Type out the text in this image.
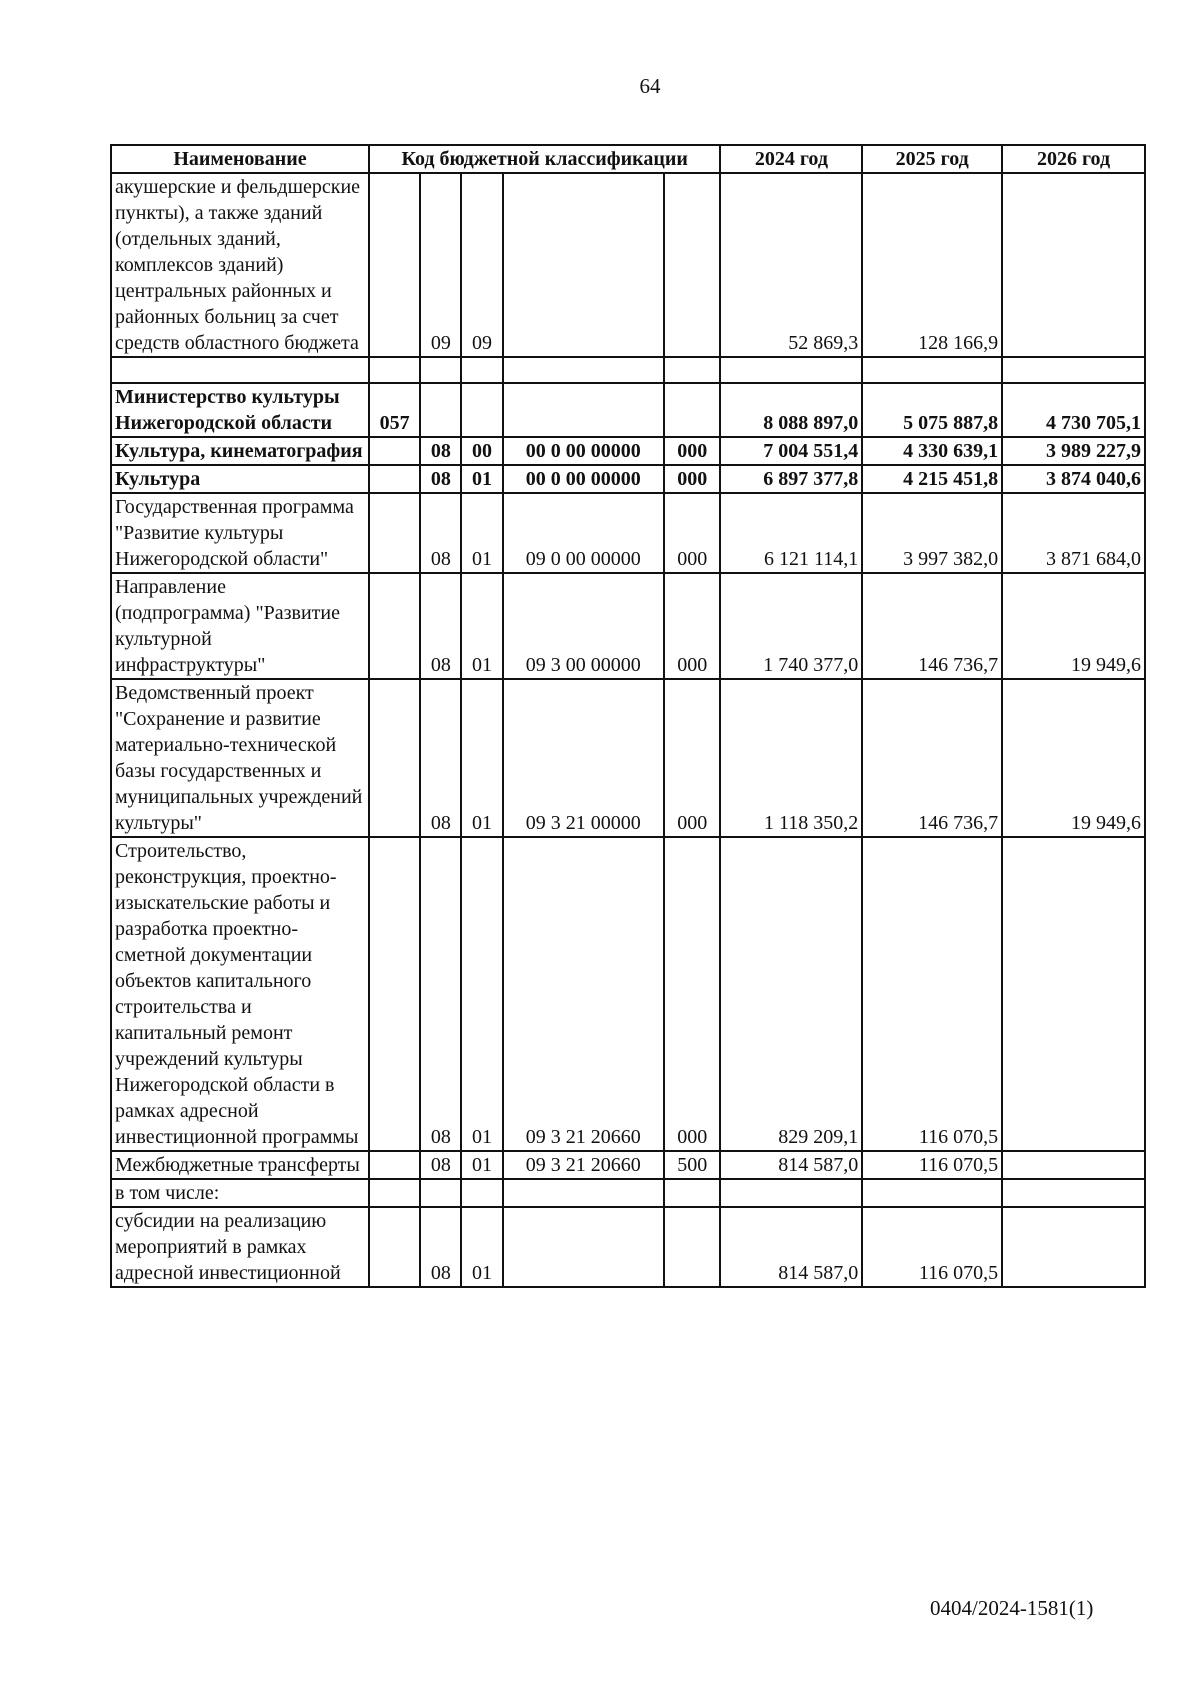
64
Наименование	Код бюджетной классификации					2024 год	2025 год	2026 год
акушерские и фельдшерские пункты), а также зданий (отдельных зданий, комплексов зданий) центральных районных и районных больниц за счет средств областного бюджета		09	09			52 869,3	128 166,9	

Министерство культуры Нижегородской области	057					8 088 897,0	5 075 887,8	4 730 705,1
Культура, кинематография		08	00	00 0 00 00000	000	7 004 551,4	4 330 639,1	3 989 227,9
Культура		08	01	00 0 00 00000	000	6 897 377,8	4 215 451,8	3 874 040,6
Государственная программа "Развитие культуры Нижегородской области"		08	01	09 0 00 00000	000	6 121 114,1	3 997 382,0	3 871 684,0
Направление (подпрограмма) "Развитие культурной инфраструктуры"		08	01	09 3 00 00000	000	1 740 377,0	146 736,7	19 949,6
Ведомственный проект "Сохранение и развитие материально-технической базы государственных и муниципальных учреждений культуры"		08	01	09 3 21 00000	000	1 118 350,2	146 736,7	19 949,6
Строительство, реконструкция, проектно-изыскательские работы и разработка проектно-сметной документации объектов капитального строительства и капитальный ремонт учреждений культуры Нижегородской области в рамках адресной инвестиционной программы		08	01	09 3 21 20660	000	829 209,1	116 070,5	
Межбюджетные трансферты		08	01	09 3 21 20660	500	814 587,0	116 070,5	
в том числе:								
субсидии на реализацию мероприятий в рамках адресной инвестиционной		08	01			814 587,0	116 070,5	
0404/2024-1581(1)
